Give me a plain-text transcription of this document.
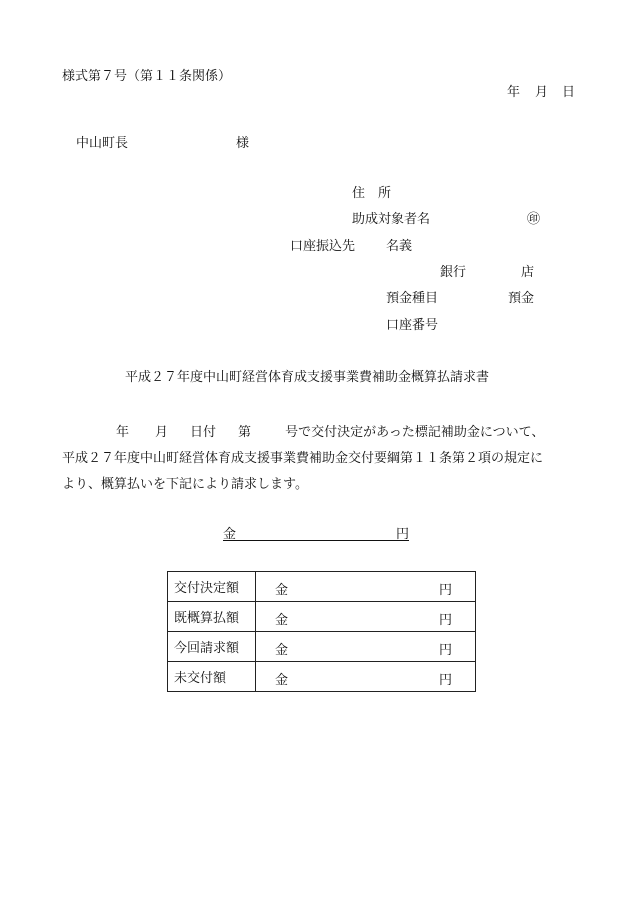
様式第７号（第１１条関係）
年 月 日
中山町長	様
住　所
助成対象者名	㊞
口座振込先 名義
銀行	店
預金種目	預金
口座番号
平成２７年度中山町経営体育成支援事業費補助金概算払請求書
年 月 日付 第	号で交付決定があった標記補助金について、
平成２７年度中山町経営体育成支援事業費補助金交付要綱第１１条第２項の規定に
より、概算払いを下記により請求します。
金	円
交付決定額	金 円

既概算払額	金 円

今回請求額	金 円

未交付額	金 円
